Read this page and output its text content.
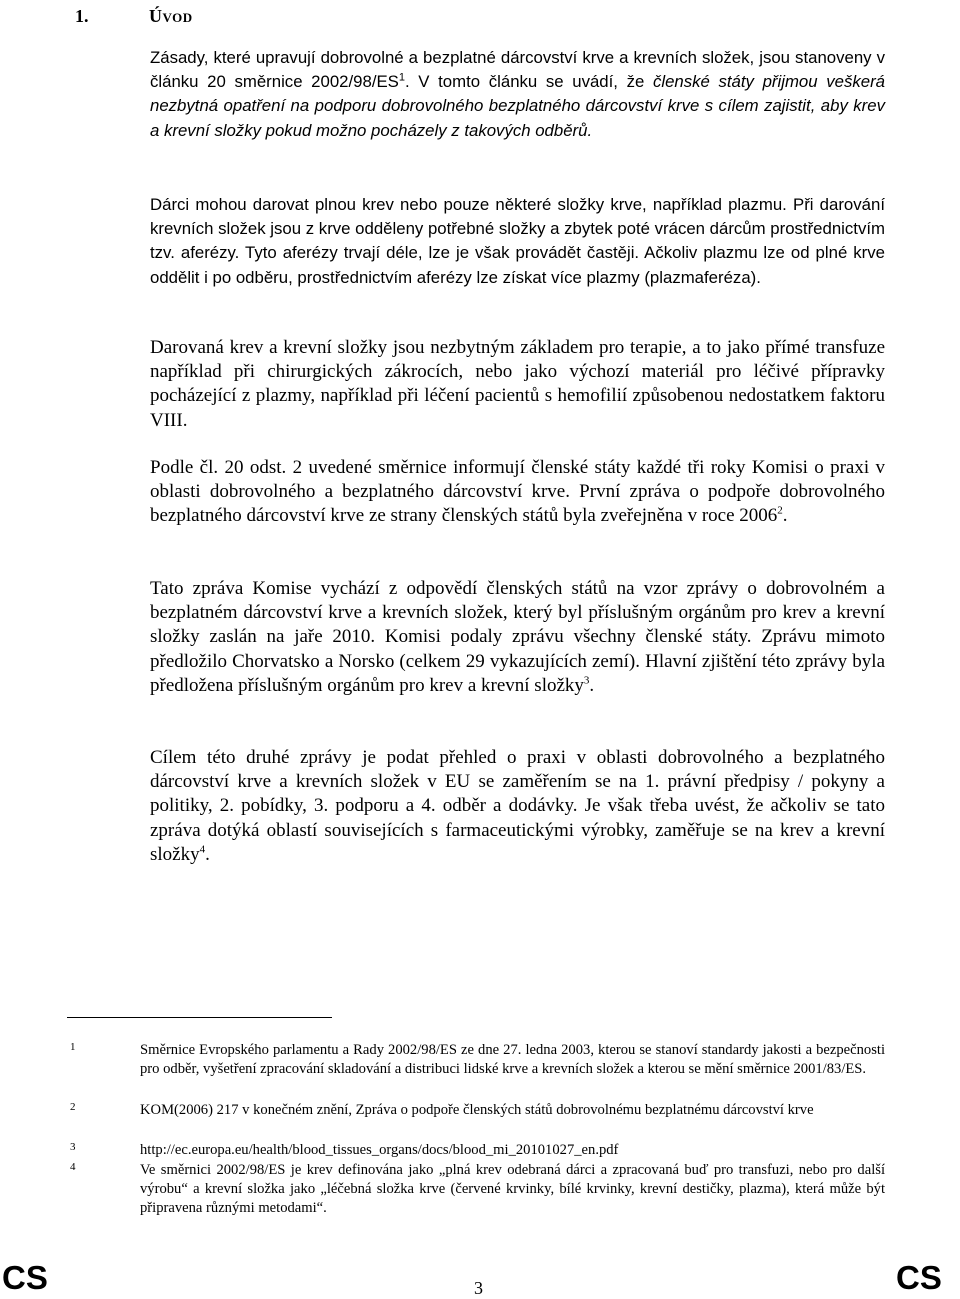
1.	Úvod

Zásady, které upravují dobrovolné a bezplatné dárcovství krve a krevních složek, jsou stanoveny v článku 20 směrnice $2002/98/ES^1$. V tomto článku se uvádí, že členské státy přijmou veškerá nezbytná opatření na podporu dobrovolného bezplatného dárcovství krve s cílem zajistit, aby krev a krevní složky pokud možno pocházely z takových odběrů.

Dárci mohou darovat plnou krev nebo pouze některé složky krve, například plazmu. Při darování krevních složek jsou z krve odděleny potřebné složky a zbytek poté vrácen dárcům prostřednictvím tzv. aferézy. Tyto aferézy trvají déle, lze je však provádět častěji. Ačkoliv plazmu lze od plné krve oddělit i po odběru, prostřednictvím aferézy lze získat více plazmy (plazmaferéza).

Darovaná krev a krevní složky jsou nezbytným základem pro terapie, a to jako přímé transfuze například při chirurgických zákrocích, nebo jako výchozí materiál pro léčivé přípravky pocházející z plazmy, například při léčení pacientů s hemofilií způsobenou nedostatkem faktoru VIII.

Podle čl. 20 odst. 2 uvedené směrnice informují členské státy každé tři roky Komisi o praxi v oblasti dobrovolného a bezplatného dárcovství krve. První zpráva o podpoře dobrovolného bezplatného dárcovství krve ze strany členských států byla zveřejněna v roce 2006$^2$.

Tato zpráva Komise vychází z odpovědí členských států na vzor zprávy o dobrovolném a bezplatném dárcovství krve a krevních složek, který byl příslušným orgánům pro krev a krevní složky zaslán na jaře 2010. Komisi podaly zprávu všechny členské státy. Zprávu mimoto předložilo Chorvatsko a Norsko (celkem 29 vykazujících zemí). Hlavní zjištění této zprávy byla předložena příslušným orgánům pro krev a krevní složky$^3$.

Cílem této druhé zprávy je podat přehled o praxi v oblasti dobrovolného a bezplatného dárcovství krve a krevních složek v EU se zaměřením se na 1. právní předpisy / pokyny a politiky, 2. pobídky, 3. podporu a 4. odběr a dodávky. Je však třeba uvést, že ačkoliv se tato zpráva dotýká oblastí souvisejících s farmaceutickými výrobky, zaměřuje se na krev a krevní složky$^4$.

1	Směrnice Evropského parlamentu a Rady 2002/98/ES ze dne 27. ledna 2003, kterou se stanoví standardy jakosti a bezpečnosti pro odběr, vyšetření zpracování skladování a distribuci lidské krve a krevních složek a kterou se mění směrnice 2001/83/ES.

2	KOM(2006) 217 v konečném znění, Zpráva o podpoře členských států dobrovolnému bezplatnému dárcovství krve

3	http://ec.europa.eu/health/blood_tissues_organs/docs/blood_mi_20101027_en.pdf

4	Ve směrnici 2002/98/ES je krev definována jako „plná krev odebraná dárci a zpracovaná buď pro transfuzi, nebo pro další výrobu“ a krevní složka jako „léčebná složka krve (červené krvinky, bílé krvinky, krevní destičky, plazma), která může být připravena různými metodami“.

CS	3	CS
